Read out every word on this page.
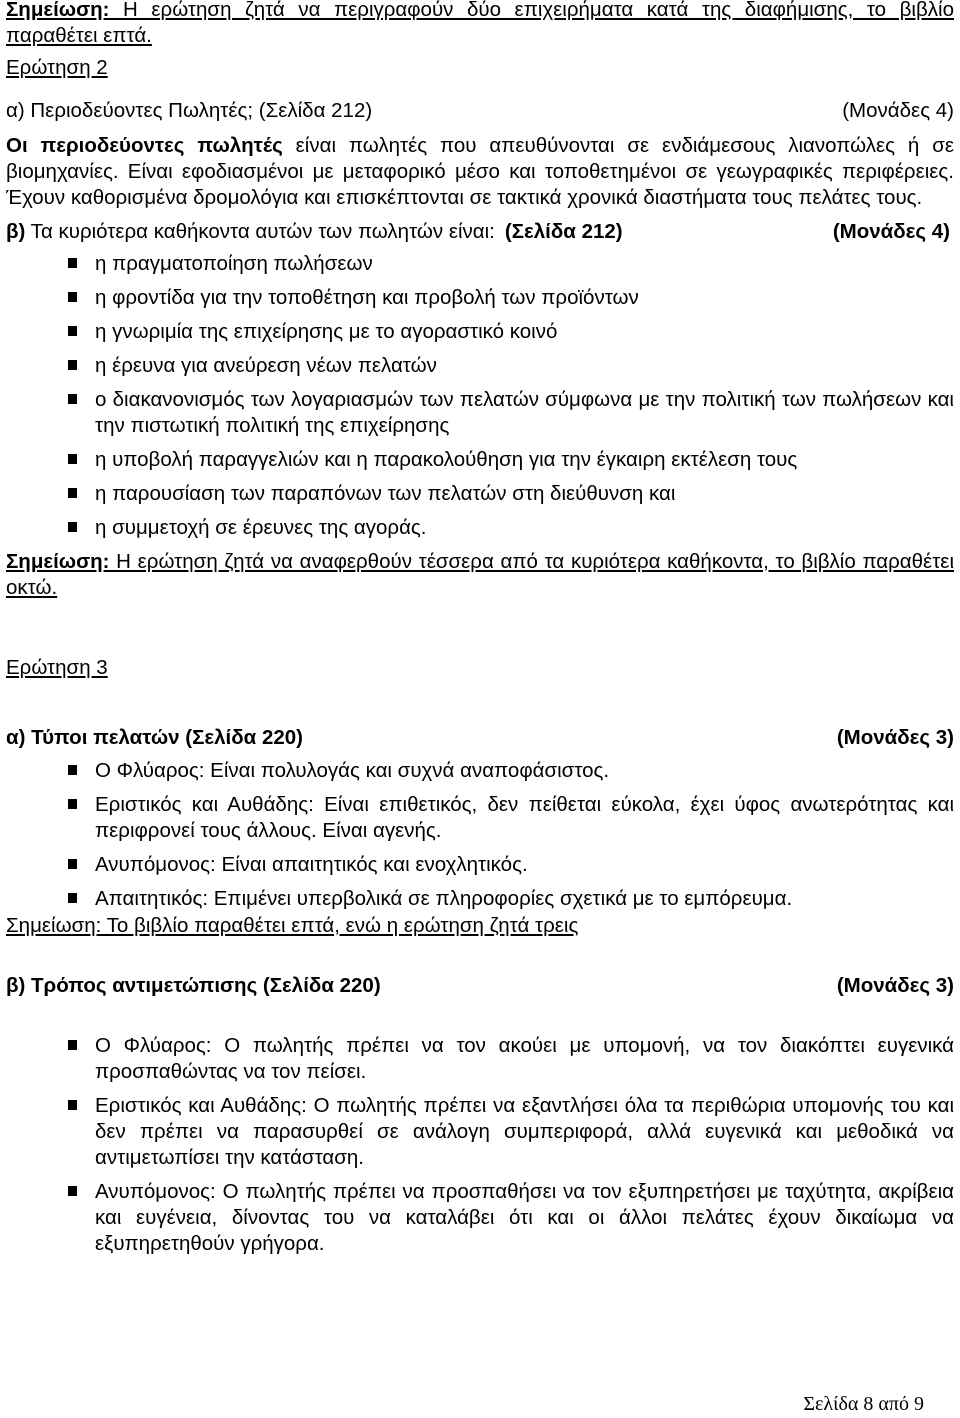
Σημείωση: Η ερώτηση ζητά να περιγραφούν δύο επιχειρήματα κατά της διαφήμισης, το βιβλίο παραθέτει επτά.

Ερώτηση 2

α) Περιοδεύοντες Πωλητές; (Σελίδα 212)	(Μονάδες 4)

Οι περιοδεύοντες πωλητές είναι πωλητές που απευθύνονται σε ενδιάμεσους λιανοπώλες ή σε βιομηχανίες. Είναι εφοδιασμένοι με μεταφορικό μέσο και τοποθετημένοι σε γεωγραφικές περιφέρειες. Έχουν καθορισμένα δρομολόγια και επισκέπτονται σε τακτικά χρονικά διαστήματα τους πελάτες τους.

β) Τα κυριότερα καθήκοντα αυτών των πωλητών είναι: (Σελίδα 212)	(Μονάδες 4)
η πραγματοποίηση πωλήσεων
η φροντίδα για την τοποθέτηση και προβολή των προϊόντων
η γνωριμία της επιχείρησης με το αγοραστικό κοινό
η έρευνα για ανεύρεση νέων πελατών
ο διακανονισμός των λογαριασμών των πελατών σύμφωνα με την πολιτική των πωλήσεων και την πιστωτική πολιτική της επιχείρησης
η υποβολή παραγγελιών και η παρακολούθηση για την έγκαιρη εκτέλεση τους
η παρουσίαση των παραπόνων των πελατών στη διεύθυνση και
η συμμετοχή σε έρευνες της αγοράς.

Σημείωση: Η ερώτηση ζητά να αναφερθούν τέσσερα από τα κυριότερα καθήκοντα, το βιβλίο παραθέτει οκτώ.

Ερώτηση 3

α) Τύποι πελατών (Σελίδα 220)	(Μονάδες 3)
Ο Φλύαρος: Είναι πολυλογάς και συχνά αναποφάσιστος.
Εριστικός και Αυθάδης: Είναι επιθετικός, δεν πείθεται εύκολα, έχει ύφος ανωτερότητας και περιφρονεί τους άλλους. Είναι αγενής.
Ανυπόμονος: Είναι απαιτητικός και ενοχλητικός.
Απαιτητικός: Επιμένει υπερβολικά σε πληροφορίες σχετικά με το εμπόρευμα.

Σημείωση: Το βιβλίο παραθέτει επτά, ενώ η ερώτηση ζητά τρεις

β) Τρόπος αντιμετώπισης (Σελίδα 220)	(Μονάδες 3)
Ο Φλύαρος: Ο πωλητής πρέπει να τον ακούει με υπομονή, να τον διακόπτει ευγενικά προσπαθώντας να τον πείσει.
Εριστικός και Αυθάδης: Ο πωλητής πρέπει να εξαντλήσει όλα τα περιθώρια υπομονής του και δεν πρέπει να παρασυρθεί σε ανάλογη συμπεριφορά, αλλά ευγενικά και μεθοδικά να αντιμετωπίσει την κατάσταση.
Ανυπόμονος: Ο πωλητής πρέπει να προσπαθήσει να τον εξυπηρετήσει με ταχύτητα, ακρίβεια και ευγένεια, δίνοντας του να καταλάβει ότι και οι άλλοι πελάτες έχουν δικαίωμα να εξυπηρετηθούν γρήγορα.
Σελίδα 8 από 9
